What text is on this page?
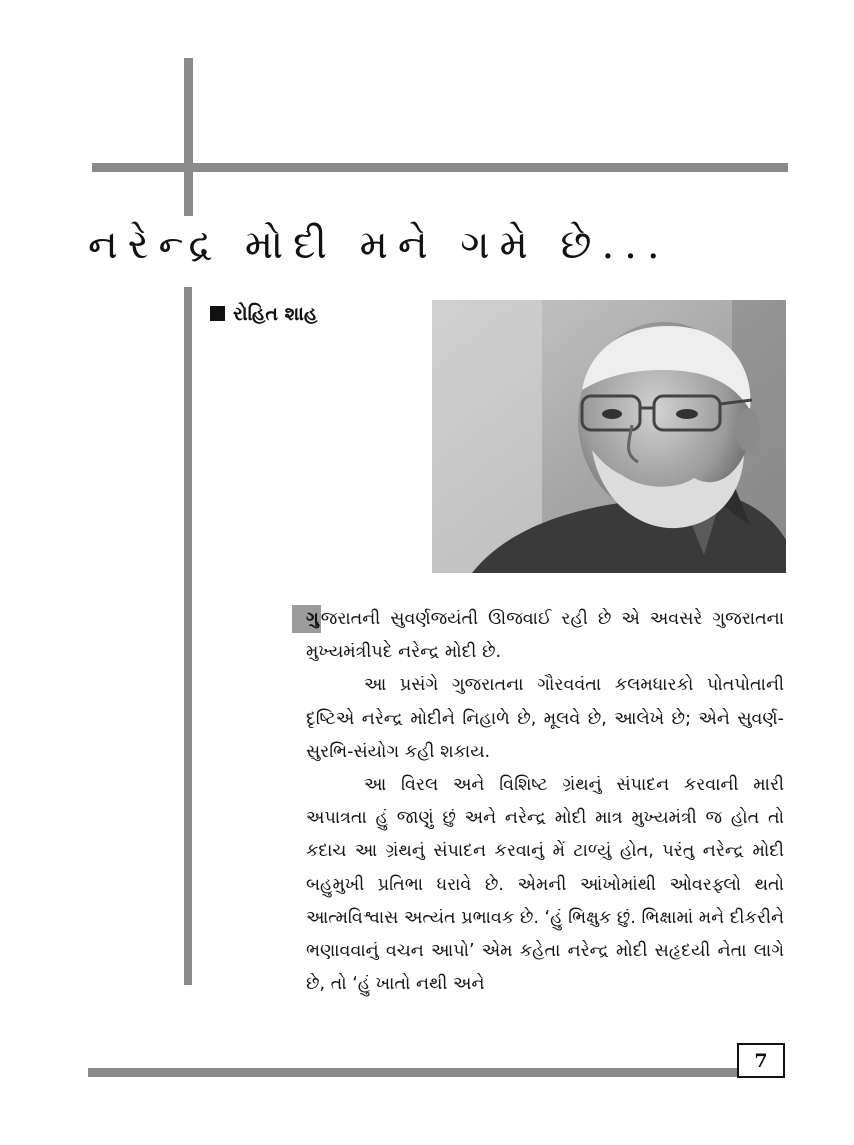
નરેન્દ્ર મોદી મને ગમે છે...
રોહિત શાહ

ગુ જરાતની સુવર્ણજયંતી ઊજવાઈ રહી છે એ અવસરે ગુજરાતના મુખ્યમંત્રીપદે નરેન્દ્ર મોદી છે.

આ પ્રસંગે ગુજરાતના ગૌરવવંતા કલમધારકો પોતપોતાની દૃષ્ટિએ નરેન્દ્ર મોદીને નિહાળે છે, મૂલવે છે, આલેખે છે; એને સુવર્ણ-સુરભિ-સંયોગ કહી શકાય.

આ વિરલ અને વિશિષ્ટ ગ્રંથનું સંપાદન કરવાની મારી અપાત્રતા હું જાણું છું અને નરેન્દ્ર મોદી માત્ર મુખ્યમંત્રી જ હોત તો કદાચ આ ગ્રંથનું સંપાદન કરવાનું મેં ટાળ્યું હોત, પરંતુ નરેન્દ્ર મોદી બહુમુખી પ્રતિભા ધરાવે છે. એમની આંખોમાંથી ઓવરફ્લો થતો આત્મવિશ્વાસ અત્યંત પ્રભાવક છે. ‘હું ભિક્ષુક છું. ભિક્ષામાં મને દીકરીને ભણાવવાનું વચન આપો’ એમ કહેતા નરેન્દ્ર મોદી સહૃદયી નેતા લાગે છે, તો ‘હું ખાતો નથી અને

7
